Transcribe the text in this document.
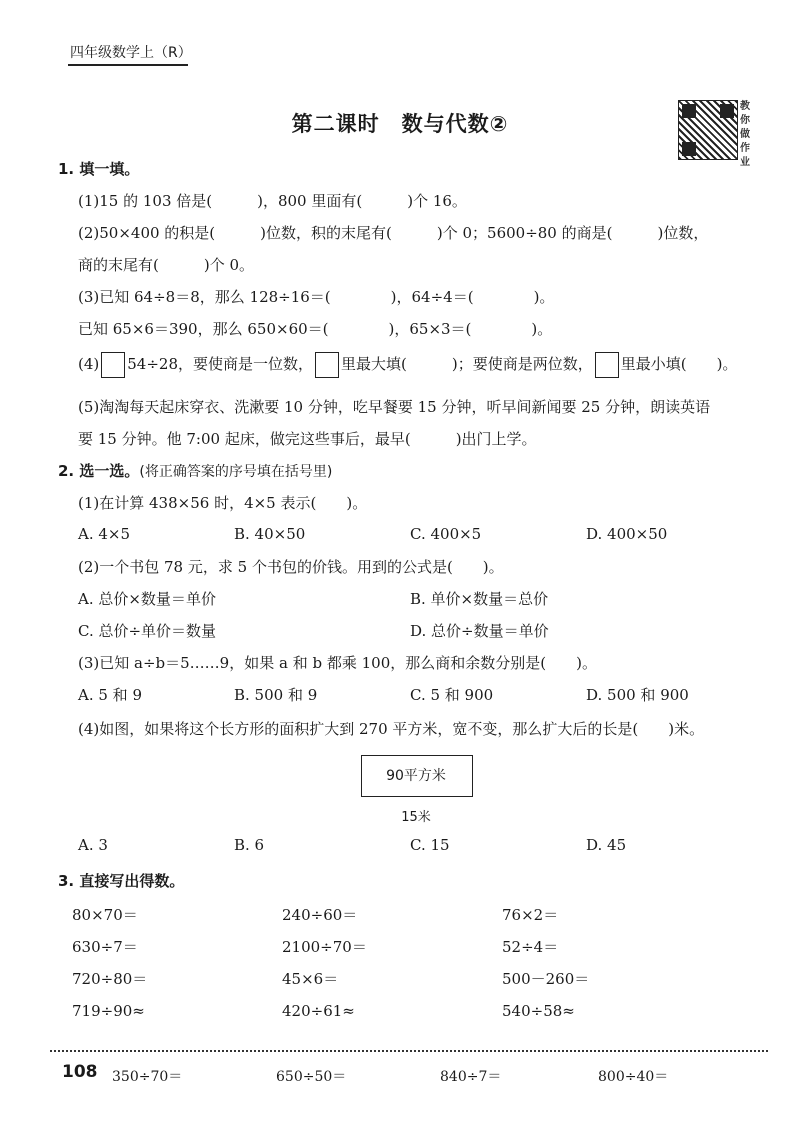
四年级数学上（R）
第二课时　数与代数②
教你做作业
1. 填一填。
(1)15 的 103 倍是(　　　)，800 里面有(　　　)个 16。
(2)50×400 的积是(　　　)位数，积的末尾有(　　　)个 0；5600÷80 的商是(　　　)位数，
商的末尾有(　　　)个 0。
(3)已知 64÷8＝8，那么 128÷16＝(　　　　)，64÷4＝(　　　　)。
已知 65×6＝390，那么 650×60＝(　　　　)，65×3＝(　　　　)。
(4) 54÷28，要使商是一位数， 里最大填(　　　)；要使商是两位数， 里最小填(　　)。
(5)淘淘每天起床穿衣、洗漱要 10 分钟，吃早餐要 15 分钟，听早间新闻要 25 分钟，朗读英语
要 15 分钟。他 7:00 起床，做完这些事后，最早(　　　)出门上学。
2. 选一选。(将正确答案的序号填在括号里)
(1)在计算 438×56 时，4×5 表示(　　)。
A. 4×5	B. 40×50	C. 400×5	D. 400×50
(2)一个书包 78 元，求 5 个书包的价钱。用到的公式是(　　)。
A. 总价×数量＝单价	B. 单价×数量＝总价
C. 总价÷单价＝数量	D. 总价÷数量＝单价
(3)已知 a÷b＝5……9，如果 a 和 b 都乘 100，那么商和余数分别是(　　)。
A. 5 和 9	B. 500 和 9	C. 5 和 900	D. 500 和 900
(4)如图，如果将这个长方形的面积扩大到 270 平方米，宽不变，那么扩大后的长是(　　)米。
90平方米
15米
A. 3	B. 6	C. 15	D. 45
3. 直接写出得数。
80×70＝	240÷60＝	76×2＝
630÷7＝	2100÷70＝	52÷4＝
720÷80＝	45×6＝	500－260＝
719÷90≈	420÷61≈	540÷58≈
108 350÷70＝	650÷50＝	840÷7＝	800÷40＝
